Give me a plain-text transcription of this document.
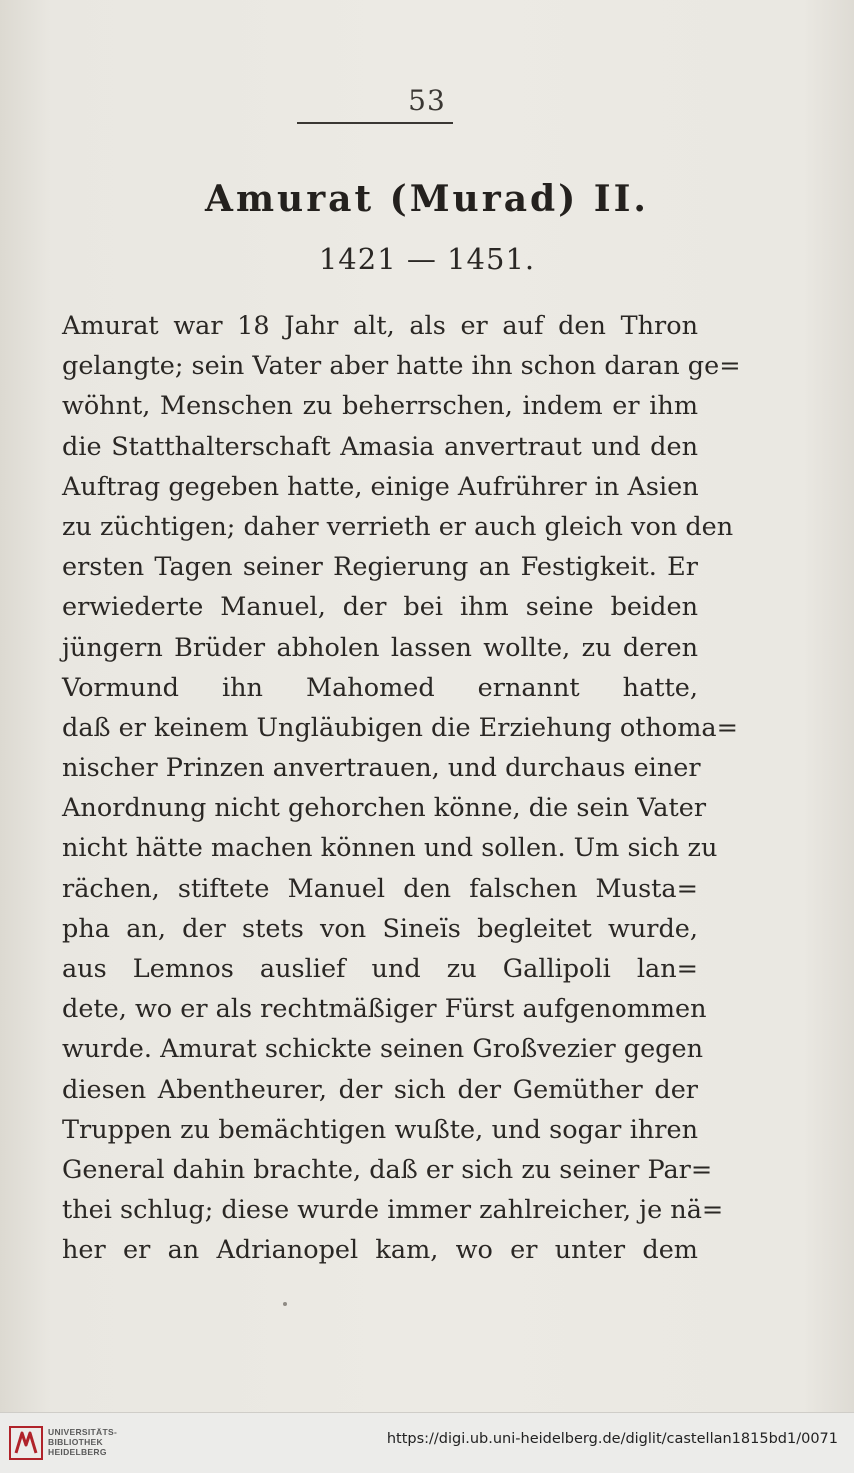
53
Amurat (Murad) II.
1421 — 1451.
Amurat war 18 Jahr alt, als er auf den Thron
gelangte; sein Vater aber hatte ihn schon daran ge=
wöhnt, Menschen zu beherrschen, indem er ihm
die Statthalterschaft Amasia anvertraut und den
Auftrag gegeben hatte, einige Aufrührer in Asien
zu züchtigen; daher verrieth er auch gleich von den
ersten Tagen seiner Regierung an Festigkeit. Er
erwiederte Manuel, der bei ihm seine beiden
jüngern Brüder abholen lassen wollte, zu deren
Vormund ihn Mahomed ernannt hatte,
daß er keinem Ungläubigen die Erziehung othoma=
nischer Prinzen anvertrauen, und durchaus einer
Anordnung nicht gehorchen könne, die sein Vater
nicht hätte machen können und sollen. Um sich zu
rächen, stiftete Manuel den falschen Musta=
pha an, der stets von Sineïs begleitet wurde,
aus Lemnos auslief und zu Gallipoli lan=
dete, wo er als rechtmäßiger Fürst aufgenommen
wurde. Amurat schickte seinen Großvezier gegen
diesen Abentheurer, der sich der Gemüther der
Truppen zu bemächtigen wußte, und sogar ihren
General dahin brachte, daß er sich zu seiner Par=
thei schlug; diese wurde immer zahlreicher, je nä=
her er an Adrianopel kam, wo er unter dem
UNIVERSITÄTS-
BIBLIOTHEK
HEIDELBERG
https://digi.ub.uni-heidelberg.de/diglit/castellan1815bd1/0071
